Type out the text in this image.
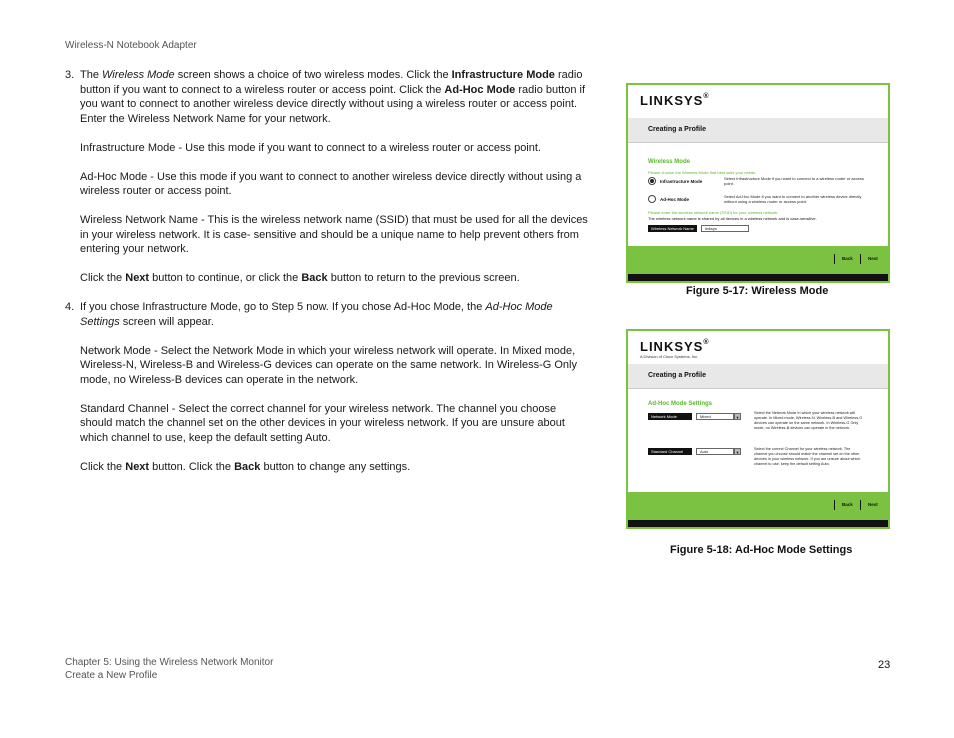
Wireless-N Notebook Adapter
3. The Wireless Mode screen shows a choice of two wireless modes. Click the Infrastructure Mode radio button if you want to connect to a wireless router or access point. Click the Ad-Hoc Mode radio button if you want to connect to another wireless device directly without using a wireless router or access point. Enter the Wireless Network Name for your network.

Infrastructure Mode - Use this mode if you want to connect to a wireless router or access point.

Ad-Hoc Mode - Use this mode if you want to connect to another wireless device directly without using a wireless router or access point.

Wireless Network Name - This is the wireless network name (SSID) that must be used for all the devices in your wireless network. It is case- sensitive and should be a unique name to help prevent others from entering your network.

Click the Next button to continue, or click the Back button to return to the previous screen.

4. If you chose Infrastructure Mode, go to Step 5 now. If you chose Ad-Hoc Mode, the Ad-Hoc Mode Settings screen will appear.

Network Mode - Select the Network Mode in which your wireless network will operate. In Mixed mode, Wireless-N, Wireless-B and Wireless-G devices can operate on the same network. In Wireless-G Only mode, no Wireless-B devices can operate in the network.

Standard Channel - Select the correct channel for your wireless network. The channel you choose should match the channel set on the other devices in your wireless network. If you are unsure about which channel to use, keep the default setting Auto.

Click the Next button. Click the Back button to change any settings.

LINKSYS®
Creating a Profile
Wireless Mode
Please choose the Wireless Mode that best suits your needs.
Infrastructure Mode
Select Infrastructure Mode if you want to connect to a wireless router or access point.
Ad-Hoc Mode
Select Ad-Hoc Mode if you want to connect to another wireless device directly without using a wireless router or access point.
Please enter the wireless network name (SSID) for your wireless network.
The wireless network name is shared by all devices in a wireless network and is case-sensitive.
Wireless Network Name	linksys
Back	Next
Figure 5-17: Wireless Mode
LINKSYS®
A Division of Cisco Systems, Inc.
Creating a Profile
Ad-Hoc Mode Settings
Network Mode	Mixed	▼
Select the Network Mode in which your wireless network will operate. In Mixed mode, Wireless-N, Wireless-B and Wireless-G devices can operate on the same network. In Wireless-G Only mode, no Wireless-B devices can operate in the network.
Standard Channel	Auto	▼
Select the correct Channel for your wireless network. The channel you choose should match the channel set on the other devices in your wireless network. If you are unsure about which channel to use, keep the default setting Auto.
Back	Next
Figure 5-18: Ad-Hoc Mode Settings
Chapter 5: Using the Wireless Network Monitor
Create a New Profile
23
